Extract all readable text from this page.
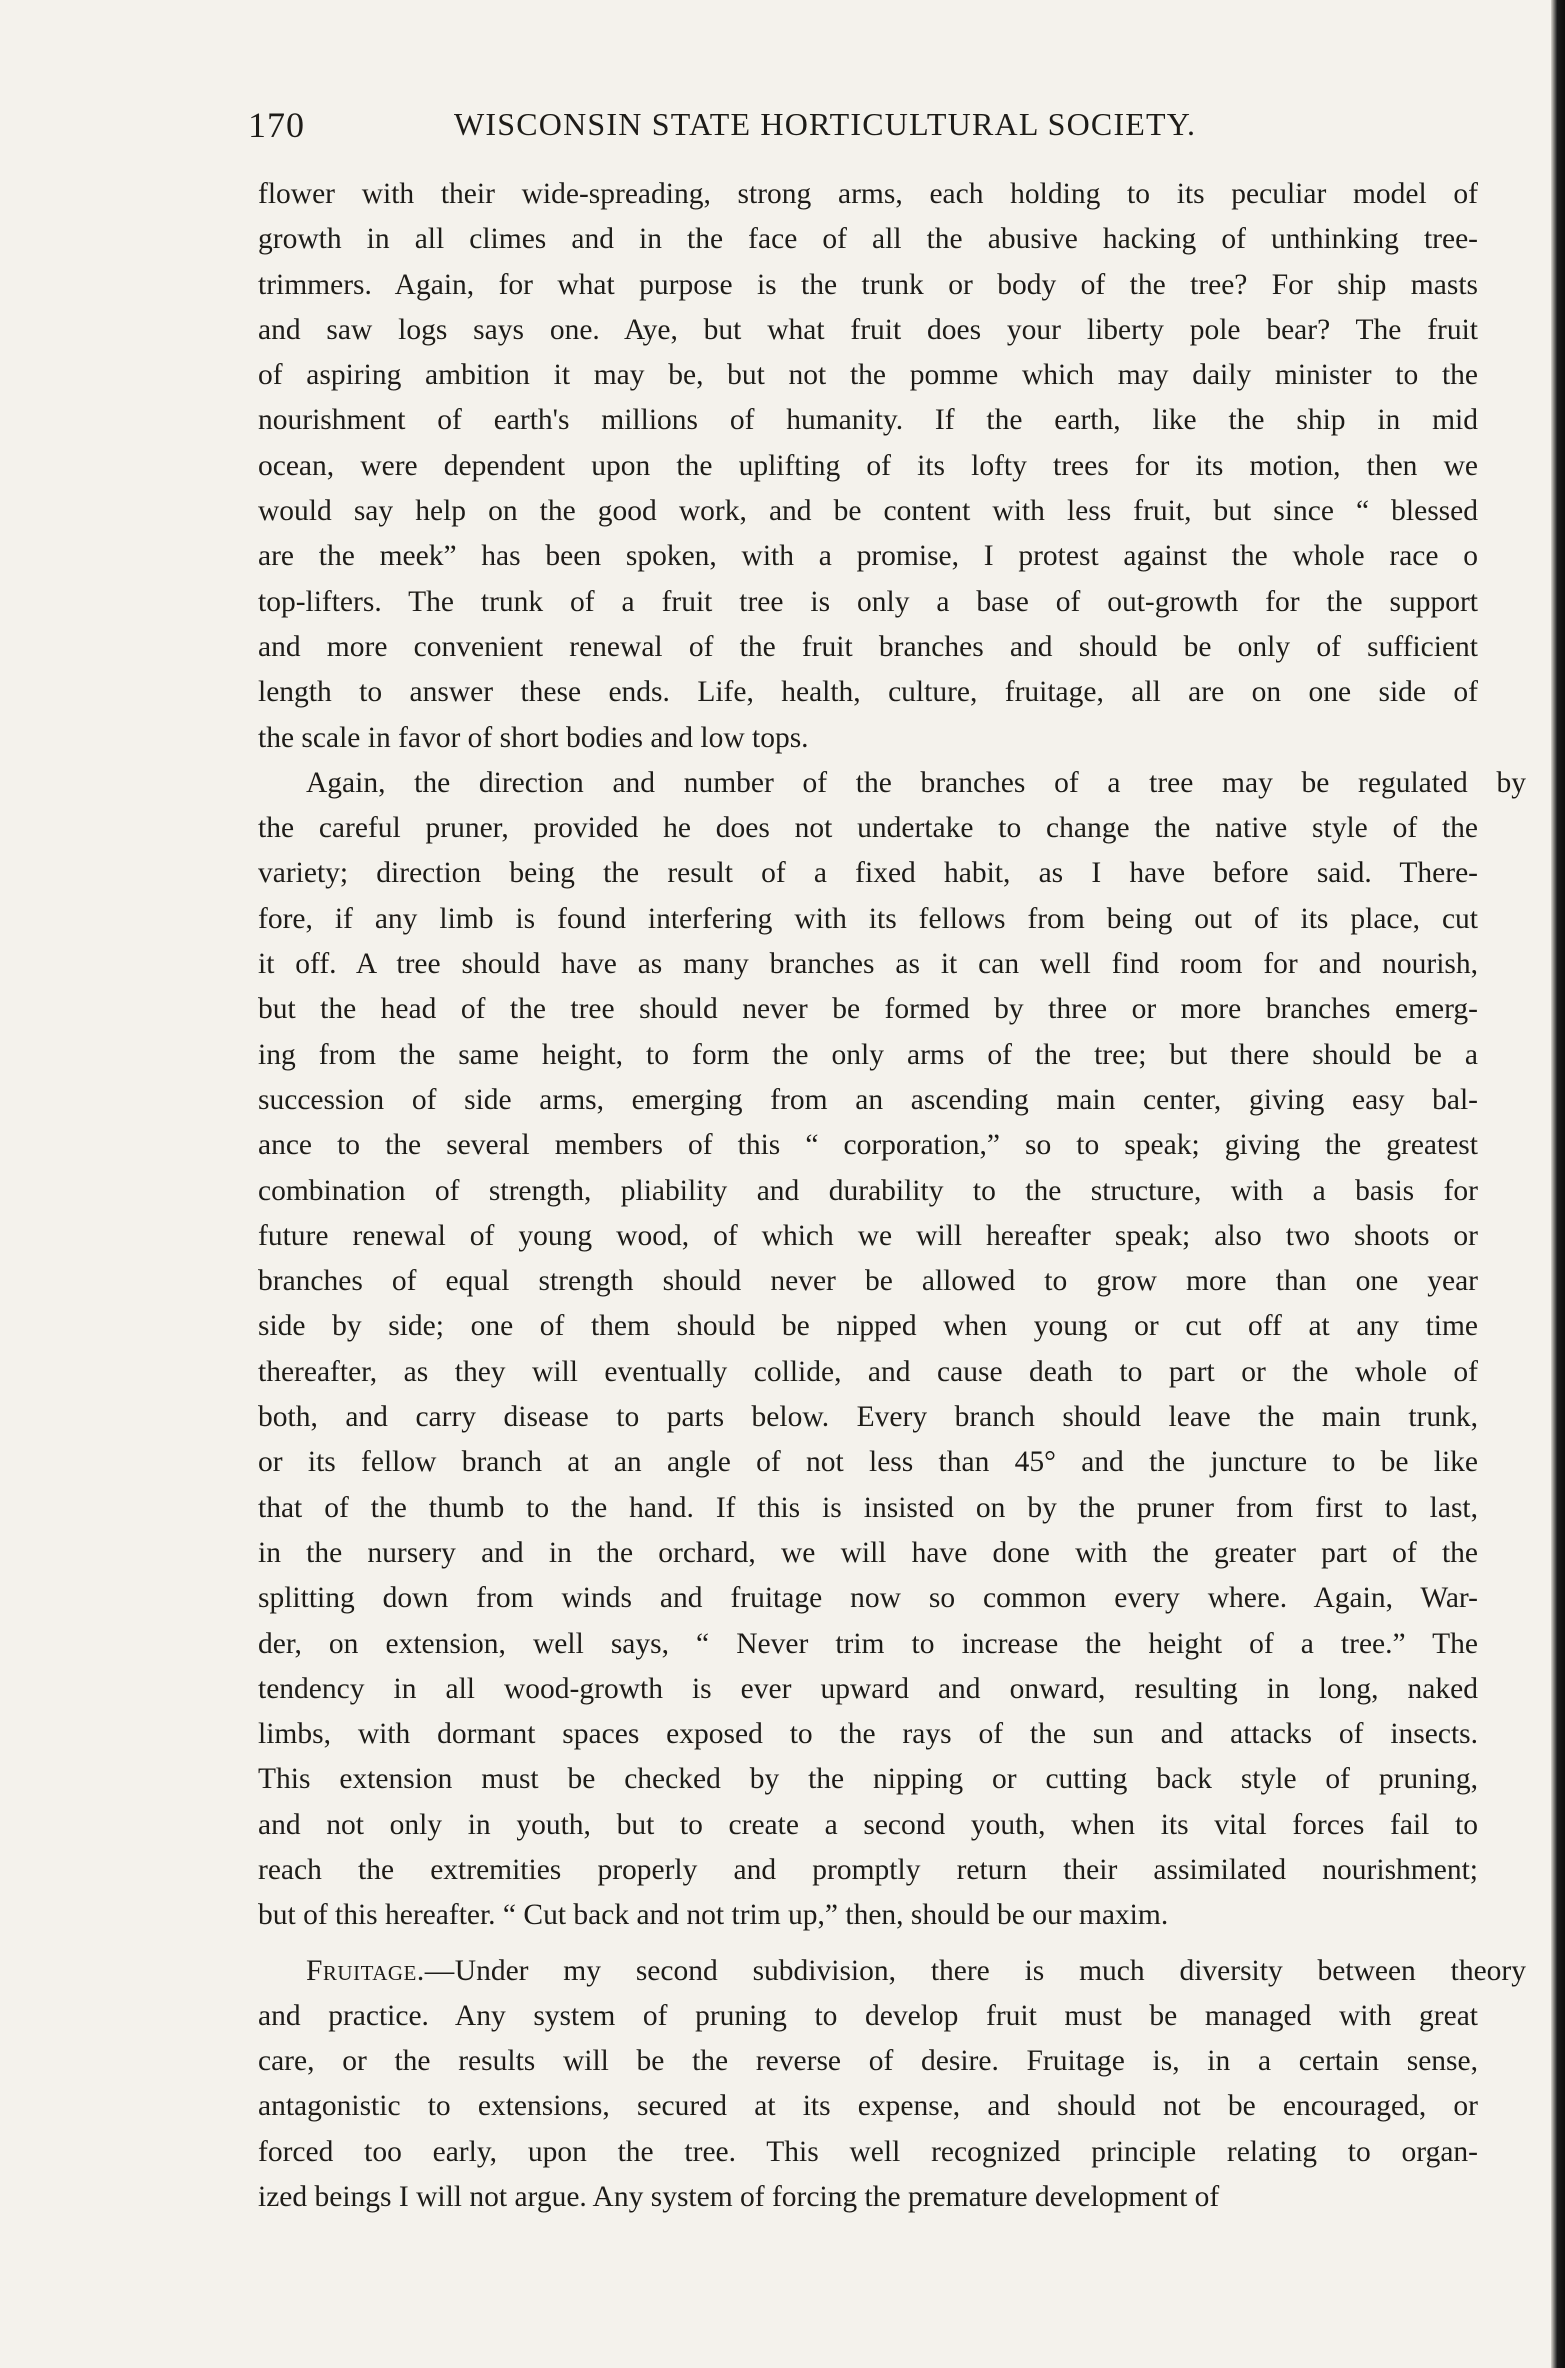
170	WISCONSIN STATE HORTICULTURAL SOCIETY.
flower with their wide-spreading, strong arms, each holding to its peculiar model of
growth in all climes and in the face of all the abusive hacking of unthinking tree-
trimmers. Again, for what purpose is the trunk or body of the tree? For ship masts
and saw logs says one. Aye, but what fruit does your liberty pole bear? The fruit
of aspiring ambition it may be, but not the pomme which may daily minister to the
nourishment of earth's millions of humanity. If the earth, like the ship in mid
ocean, were dependent upon the uplifting of its lofty trees for its motion, then we
would say help on the good work, and be content with less fruit, but since “ blessed
are the meek” has been spoken, with a promise, I protest against the whole race o
top-lifters. The trunk of a fruit tree is only a base of out-growth for the support
and more convenient renewal of the fruit branches and should be only of sufficient
length to answer these ends. Life, health, culture, fruitage, all are on one side of
the scale in favor of short bodies and low tops.
Again, the direction and number of the branches of a tree may be regulated by
the careful pruner, provided he does not undertake to change the native style of the
variety; direction being the result of a fixed habit, as I have before said. There-
fore, if any limb is found interfering with its fellows from being out of its place, cut
it off. A tree should have as many branches as it can well find room for and nourish,
but the head of the tree should never be formed by three or more branches emerg-
ing from the same height, to form the only arms of the tree; but there should be a
succession of side arms, emerging from an ascending main center, giving easy bal-
ance to the several members of this “ corporation,” so to speak; giving the greatest
combination of strength, pliability and durability to the structure, with a basis for
future renewal of young wood, of which we will hereafter speak; also two shoots or
branches of equal strength should never be allowed to grow more than one year
side by side; one of them should be nipped when young or cut off at any time
thereafter, as they will eventually collide, and cause death to part or the whole of
both, and carry disease to parts below. Every branch should leave the main trunk,
or its fellow branch at an angle of not less than 45° and the juncture to be like
that of the thumb to the hand. If this is insisted on by the pruner from first to last,
in the nursery and in the orchard, we will have done with the greater part of the
splitting down from winds and fruitage now so common every where. Again, War-
der, on extension, well says, “ Never trim to increase the height of a tree.” The
tendency in all wood-growth is ever upward and onward, resulting in long, naked
limbs, with dormant spaces exposed to the rays of the sun and attacks of insects.
This extension must be checked by the nipping or cutting back style of pruning,
and not only in youth, but to create a second youth, when its vital forces fail to
reach the extremities properly and promptly return their assimilated nourishment;
but of this hereafter. “ Cut back and not trim up,” then, should be our maxim.
Fruitage.—Under my second subdivision, there is much diversity between theory
and practice. Any system of pruning to develop fruit must be managed with great
care, or the results will be the reverse of desire. Fruitage is, in a certain sense,
antagonistic to extensions, secured at its expense, and should not be encouraged, or
forced too early, upon the tree. This well recognized principle relating to organ-
ized beings I will not argue. Any system of forcing the premature development of
